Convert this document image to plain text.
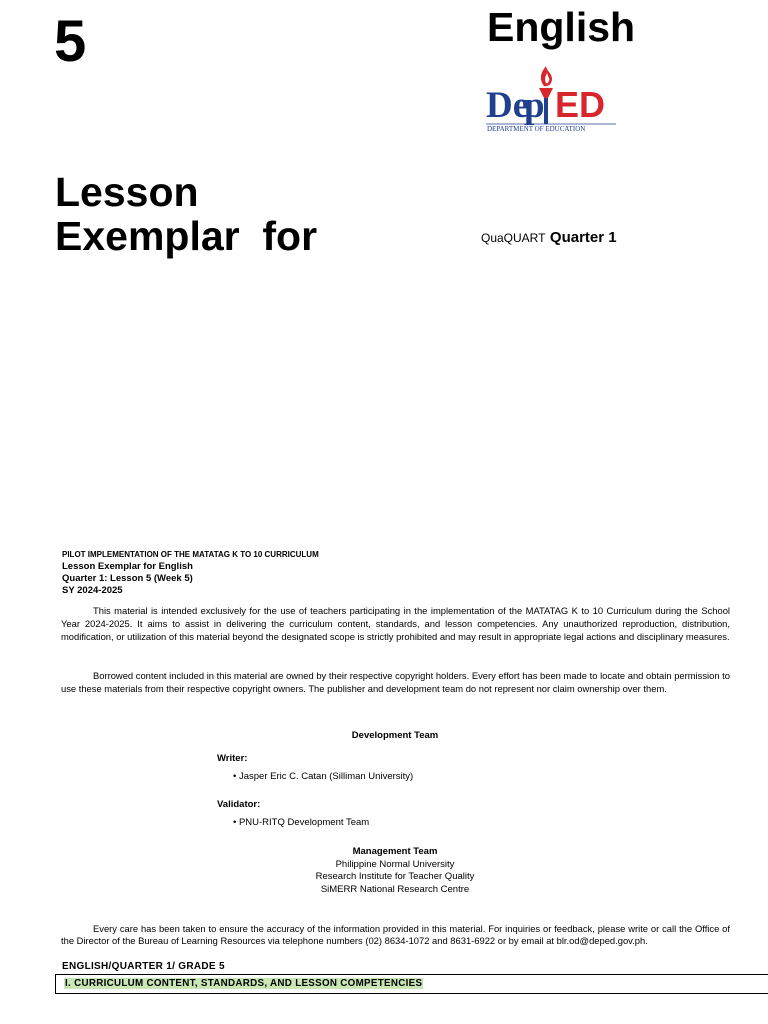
5	English
De
p ED
DEPARTMENT OF EDUCATION
Lesson
Exemplar  for	QuaQUART Quarter 1
PILOT IMPLEMENTATION OF THE MATATAG K TO 10 CURRICULUM
Lesson Exemplar for English
Quarter 1: Lesson 5 (Week 5)
SY 2024-2025
This material is intended exclusively for the use of teachers participating in the implementation of the MATATAG K to 10 Curriculum during the School Year 2024-2025. It aims to assist in delivering the curriculum content, standards, and lesson competencies. Any unauthorized reproduction, distribution, modification, or utilization of this material beyond the designated scope is strictly prohibited and may result in appropriate legal actions and disciplinary measures.
Borrowed content included in this material are owned by their respective copyright holders. Every effort has been made to locate and obtain permission to use these materials from their respective copyright owners. The publisher and development team do not represent nor claim ownership over them.
Development Team
Writer:
• Jasper Eric C. Catan (Silliman University)
Validator:
• PNU-RITQ Development Team
Management Team
Philippine Normal University
Research Institute for Teacher Quality
SiMERR National Research Centre
Every care has been taken to ensure the accuracy of the information provided in this material. For inquiries or feedback, please write or call the Office of the Director of the Bureau of Learning Resources via telephone numbers (02) 8634-1072 and 8631-6922 or by email at blr.od@deped.gov.ph.
ENGLISH/QUARTER 1/ GRADE 5
I. CURRICULUM CONTENT, STANDARDS, AND LESSON COMPETENCIES
